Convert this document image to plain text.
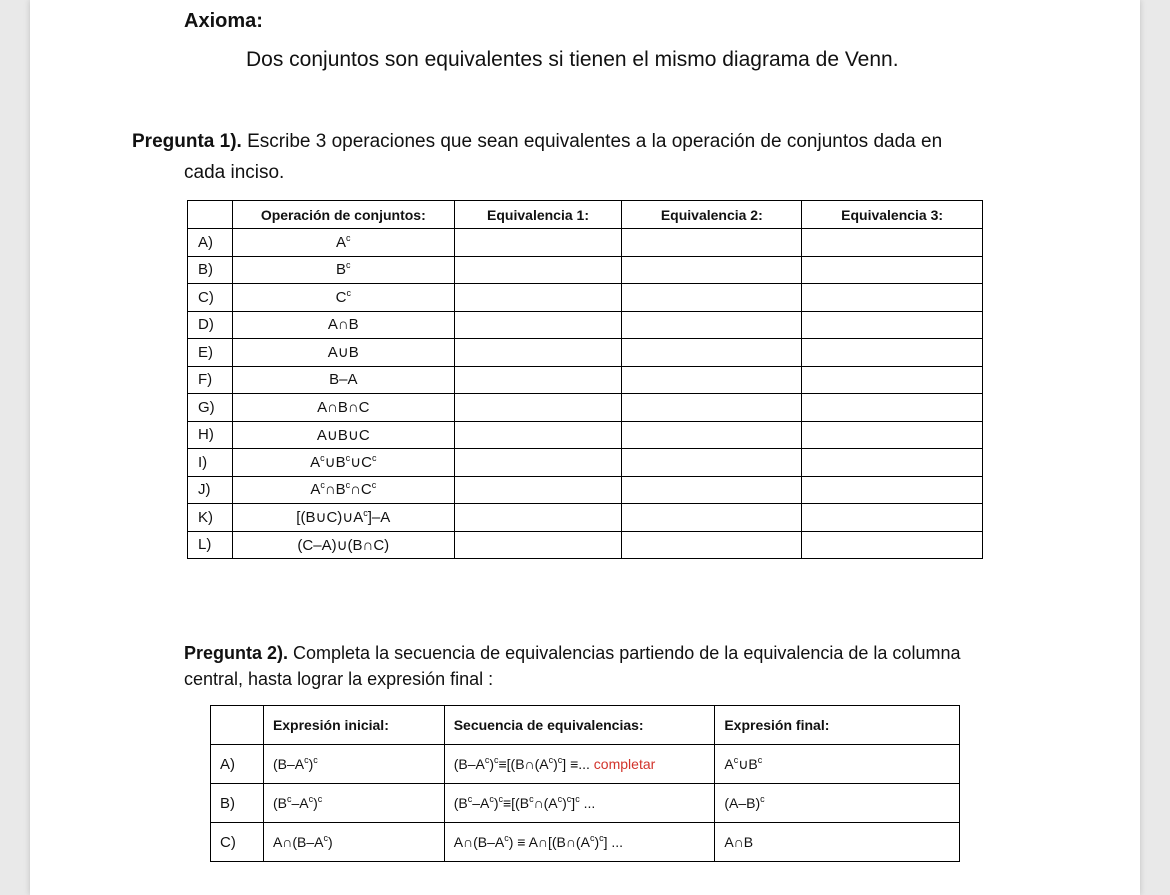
Axioma:
Dos conjuntos son equivalentes si tienen el mismo diagrama de Venn.
Pregunta 1). Escribe 3 operaciones que sean equivalentes a la operación de conjuntos dada en
cada inciso.
	Operación de conjuntos:	Equivalencia 1:	Equivalencia 2:	Equivalencia 3:
A)	$A^c$			
B)	$B^c$			
C)	$C^c$			
D)	A∩B			
E)	A∪B			
F)	B–A			
G)	A∩B∩C			
H)	A∪B∪C			
I)	$A^c\cup B^c\cup C^c$			
J)	$A^c\cap B^c\cap C^c$			
K)	$[(B\cup C)\cup A^c]-A$			
L)	(C–A)∪(B∩C)			
Pregunta 2). Completa la secuencia de equivalencias partiendo de la equivalencia de la columna
central, hasta lograr la expresión final :
	Expresión inicial:	Secuencia de equivalencias:	Expresión final:
A)	$(B-A^c)^c$	$(B-A^c)^c\equiv[(B\cap(A^c)^c]$ ≡... completar	$A^c\cup B^c$
B)	$(B^c-A^c)^c$	$(B^c-A^c)^c\equiv[(B^c\cap(A^c)^c]^c$ ...	$(A-B)^c$
C)	$A\cap(B-A^c)$	$A\cap(B-A^c)$ ≡ $A\cap[(B\cap(A^c)^c]$ ...	A∩B
